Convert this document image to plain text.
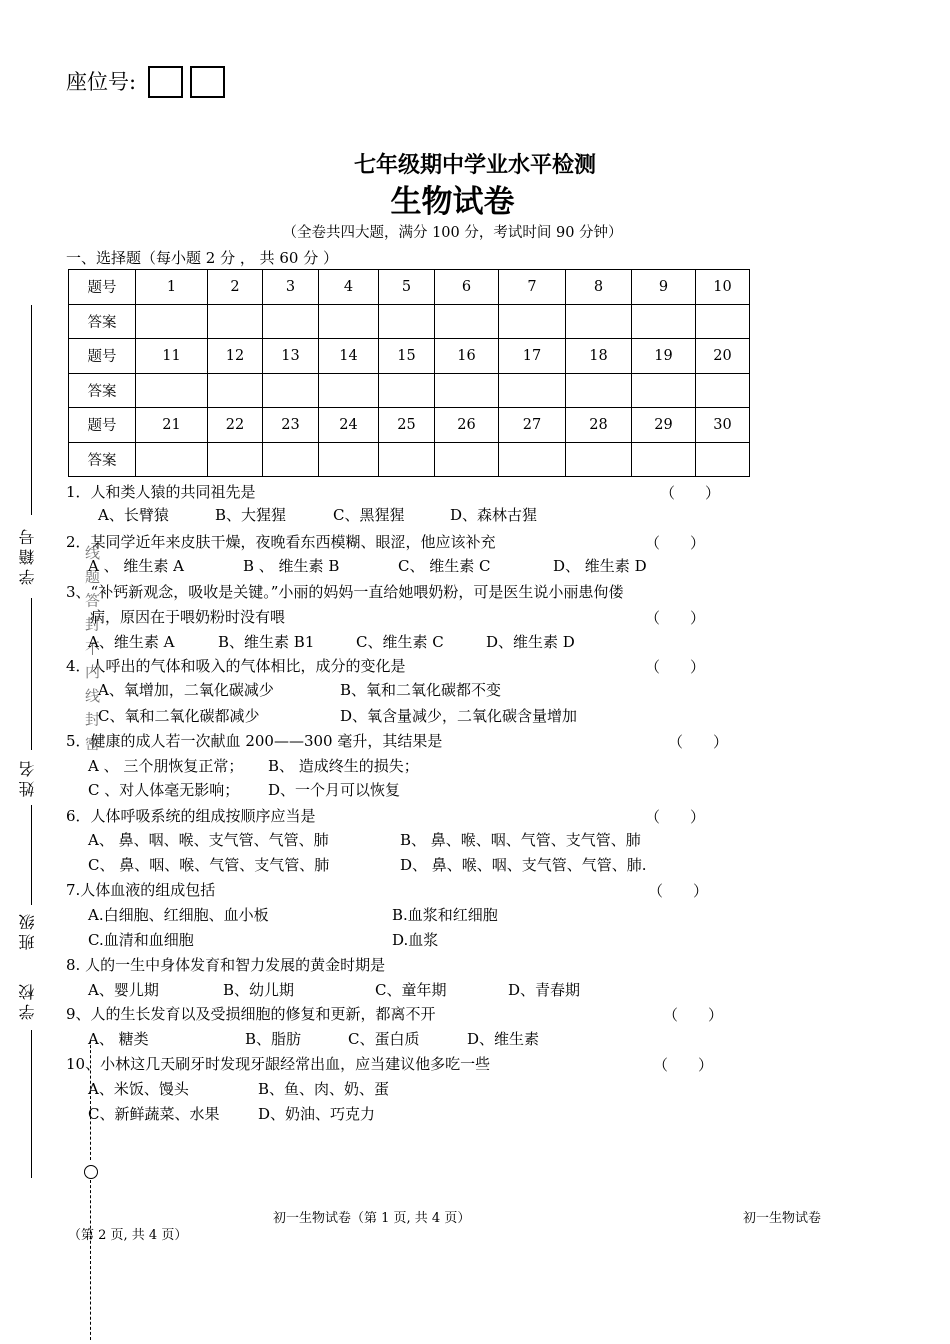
座位号:
七年级期中学业水平检测
生物试卷
（全卷共四大题，满分 100 分，考试时间 90 分钟）
一、选择题（每小题 2 分 ， 共 60 分 ）
题号	1	2	3	4	5	6	7	8	9	10
答案										
题号	11	12	13	14	15	16	17	18	19	20
答案										
题号	21	22	23	24	25	26	27	28	29	30
答案										
1．人和类人猿的共同祖先是	（　　）
A、长臂猿	B、大猩猩	C、黑猩猩	D、森林古猩
2．某同学近年来皮肤干燥，夜晚看东西模糊、眼涩，他应该补充	（　　）
A 、 维生素 A	B 、 维生素 B	C、 维生素 C	D、 维生素 D
3、“补钙新观念，吸收是关键。”小丽的妈妈一直给她喂奶粉，可是医生说小丽患佝偻
病，原因在于喂奶粉时没有喂	（　　）
A、维生素 A	B、维生素 B1	C、维生素 C	D、维生素 D
4．人呼出的气体和吸入的气体相比，成分的变化是	（　　）
A、氧增加，二氧化碳减少	B、氧和二氧化碳都不变
C、氧和二氧化碳都减少	D、氧含量减少，二氧化碳含量增加
5．健康的成人若一次献血 200——300 毫升，其结果是	（　　）
A 、 三个朋恢复正常； B、 造成终生的损失；
C 、对人体毫无影响； D、一个月可以恢复
6．人体呼吸系统的组成按顺序应当是	（　　）
A、 鼻、咽、喉、支气管、气管、肺	B、 鼻、喉、咽、气管、支气管、肺
C、 鼻、咽、喉、气管、支气管、肺	D、 鼻、喉、咽、支气管、气管、肺.
7.人体血液的组成包括	（　　）
A.白细胞、红细胞、血小板	B.血浆和红细胞
C.血清和血细胞	D.血浆
8. 人的一生中身体发育和智力发展的黄金时期是
A、婴儿期	B、幼儿期	C、童年期	D、青春期
9、人的生长发育以及受损细胞的修复和更新，都离不开	（　　）
A、 糖类	B、脂肪	C、蛋白质	D、维生素
10、小林这几天刷牙时发现牙龈经常出血，应当建议他多吃一些	（　　）
A、米饭、馒头	B、鱼、肉、奶、蛋
C、新鲜蔬菜、水果	D、奶油、巧克力
学籍号
姓名
班级
学校
线 题 答 封 不 内 线 封 密
初一生物试卷（第 1 页, 共 4 页）	初一生物试卷
（第 2 页, 共 4 页）
